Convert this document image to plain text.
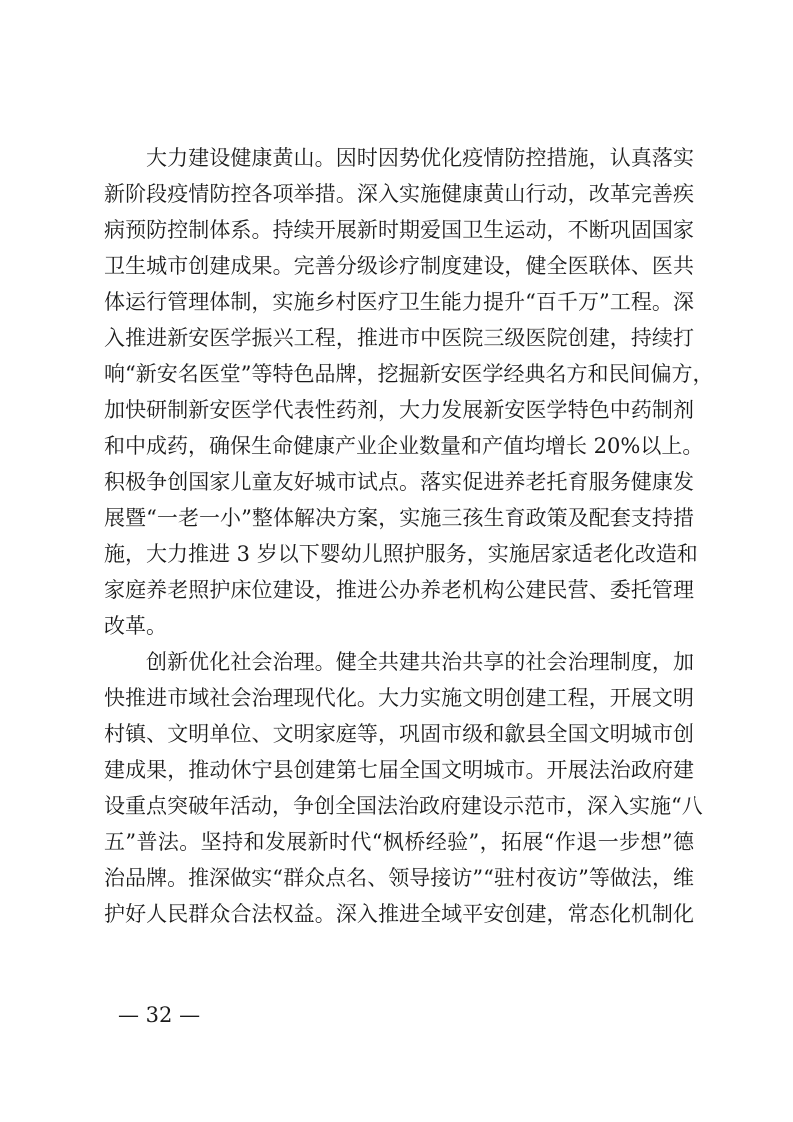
大力建设健康黄山。因时因势优化疫情防控措施，认真落实
新阶段疫情防控各项举措。深入实施健康黄山行动，改革完善疾
病预防控制体系。持续开展新时期爱国卫生运动，不断巩固国家
卫生城市创建成果。完善分级诊疗制度建设，健全医联体、医共
体运行管理体制，实施乡村医疗卫生能力提升“百千万”工程。深
入推进新安医学振兴工程，推进市中医院三级医院创建，持续打
响“新安名医堂”等特色品牌，挖掘新安医学经典名方和民间偏方，
加快研制新安医学代表性药剂，大力发展新安医学特色中药制剂
和中成药，确保生命健康产业企业数量和产值均增长 20%以上。
积极争创国家儿童友好城市试点。落实促进养老托育服务健康发
展暨“一老一小”整体解决方案，实施三孩生育政策及配套支持措
施，大力推进 3 岁以下婴幼儿照护服务，实施居家适老化改造和
家庭养老照护床位建设，推进公办养老机构公建民营、委托管理
改革。
创新优化社会治理。健全共建共治共享的社会治理制度，加
快推进市域社会治理现代化。大力实施文明创建工程，开展文明
村镇、文明单位、文明家庭等，巩固市级和歙县全国文明城市创
建成果，推动休宁县创建第七届全国文明城市。开展法治政府建
设重点突破年活动，争创全国法治政府建设示范市，深入实施“八
五”普法。坚持和发展新时代“枫桥经验”，拓展“作退一步想”德
治品牌。推深做实“群众点名、领导接访”“驻村夜访”等做法，维
护好人民群众合法权益。深入推进全域平安创建，常态化机制化
— 32 —
